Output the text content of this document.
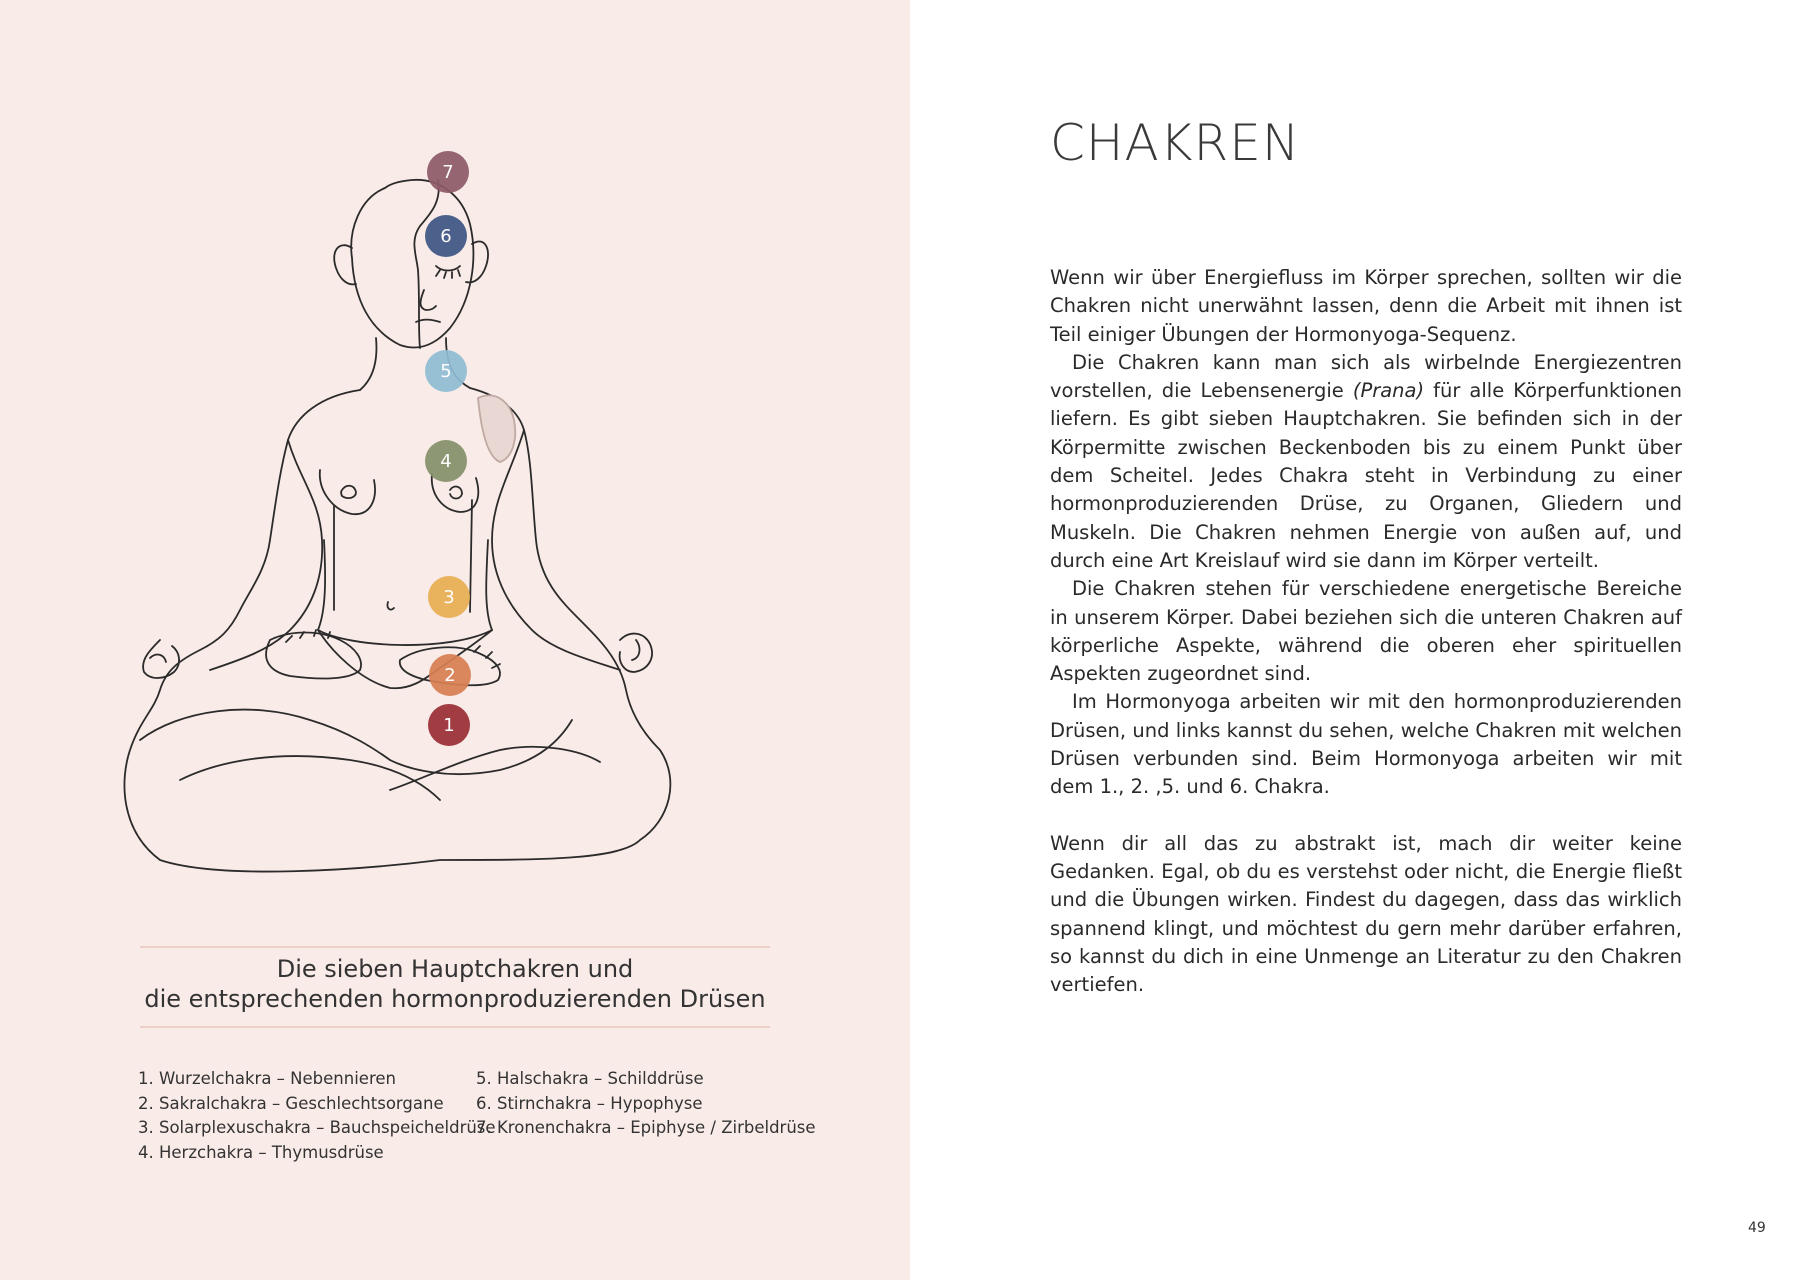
7
6
5
4
3
2
1
Die sieben Hauptchakren und
die entsprechenden hormonproduzierenden Drüsen
1. Wurzelchakra – Nebennieren
2. Sakralchakra – Geschlechtsorgane
3. Solarplexuschakra – Bauchspeicheldrüse
4. Herzchakra – Thymusdrüse
5. Halschakra – Schilddrüse
6. Stirnchakra – Hypophyse
7. Kronenchakra – Epiphyse / Zirbeldrüse
CHAKREN

Wenn wir über Energiefluss im Körper sprechen, sollten wir die Chakren nicht unerwähnt lassen, denn die Arbeit mit ihnen ist Teil einiger Übungen der Hormonyoga-Sequenz.

Die Chakren kann man sich als wirbelnde Energiezentren vorstellen, die Lebensenergie (Prana) für alle Körperfunktionen liefern. Es gibt sieben Hauptchakren. Sie befinden sich in der Körpermitte zwischen Beckenboden bis zu einem Punkt über dem Scheitel. Jedes Chakra steht in Verbindung zu einer hormonproduzierenden Drüse, zu Organen, Gliedern und Muskeln. Die Chakren nehmen Energie von außen auf, und durch eine Art Kreislauf wird sie dann im Körper verteilt.

Die Chakren stehen für verschiedene energetische Bereiche in unserem Körper. Dabei beziehen sich die unteren Chakren auf körperliche Aspekte, während die oberen eher spirituellen Aspekten zugeordnet sind.

Im Hormonyoga arbeiten wir mit den hormonproduzierenden Drüsen, und links kannst du sehen, welche Chakren mit welchen Drüsen verbunden sind. Beim Hormonyoga arbeiten wir mit dem 1., 2. ,5. und 6. Chakra.

Wenn dir all das zu abstrakt ist, mach dir weiter keine Gedanken. Egal, ob du es verstehst oder nicht, die Energie fließt und die Übungen wirken. Findest du dagegen, dass das wirklich spannend klingt, und möchtest du gern mehr darüber erfahren, so kannst du dich in eine Unmenge an Literatur zu den Chakren vertiefen.

49
